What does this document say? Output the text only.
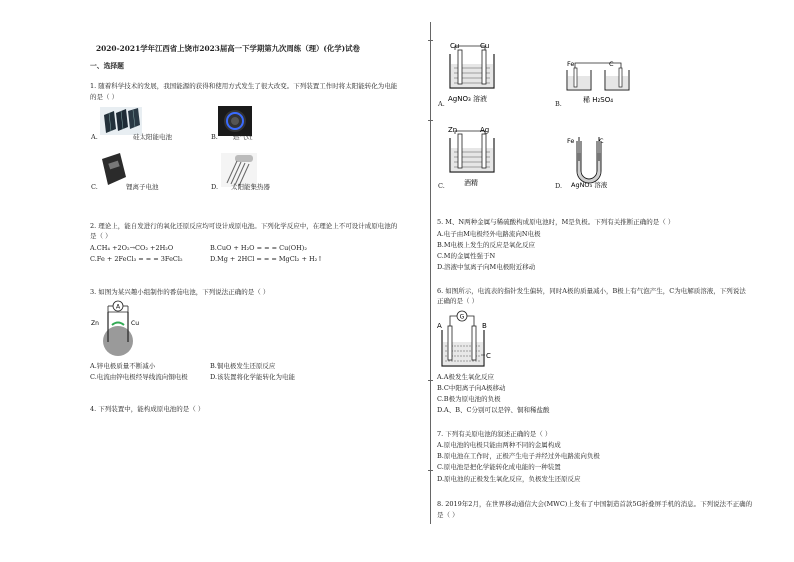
2020-2021学年江西省上饶市2023届高一下学期第九次周练（理）(化学)试卷
一、选择题
1. 随着科学技术的发展，我国能源的获得和使用方式发生了很大改变。下列装置工作时将太阳能转化为电能
的是（ ）
A.	硅太阳能电池	B. 燃气灶
C.	锂离子电池	D. 太阳能集热器
2. 理论上，能自发进行的氧化还原反应均可设计成原电池。下列化学反应中，在理论上不可设计成原电池的
是（ ）
A.CH₄ +2O₂→CO₂ +2H₂O	B.CuO + H₂O = = = Cu(OH)₂
C.Fe + 2FeCl₃ = = = 3FeCl₂	D.Mg + 2HCl = = = MgCl₂ + H₂↑
3. 如图为某兴趣小组制作的番茄电池，下列说法正确的是（ ）
A
Zn	Cu
A.锌电极质量不断减小	B.铜电极发生还原反应
C.电流由锌电极经导线流向铜电极	D.该装置将化学能转化为电能
4. 下列装置中，能构成原电池的是（ ）
Cu	Cu
AgNO₃ 溶液
A.
Fe	C
稀 H₂SO₄
B.
Zn	Ag
酒精
C.
Fe	C
AgNO₃ 溶液
D.
5. M、N两种金属与稀硫酸构成原电池时，M是负极。下列有关推断正确的是（ ）
A.电子由M电极经外电路流向N电极
B.M电极上发生的反应是氧化反应
C.M的金属性强于N
D.溶液中氢离子向M电极附近移动
6. 如图所示，电流表的指针发生偏转，同时A极的质量减小，B极上有气泡产生，C为电解质溶液，下列说法
正确的是（ ）
A	B
C
G
A.A极发生氧化反应
B.C中阳离子向A极移动
C.B极为原电池的负极
D.A、B、C分别可以是锌、铜和稀盐酸
7. 下列有关原电池的叙述正确的是（ ）
A.原电池的电极只能由两种不同的金属构成
B.原电池在工作时，正极产生电子并经过外电路流向负极
C.原电池是把化学能转化成电能的一种装置
D.原电池的正极发生氧化反应，负极发生还原反应
8. 2019年2月，在世界移动通信大会(MWC)上发布了中国制造首款5G折叠屏手机的消息。下列说法不正确的
是（ ）
